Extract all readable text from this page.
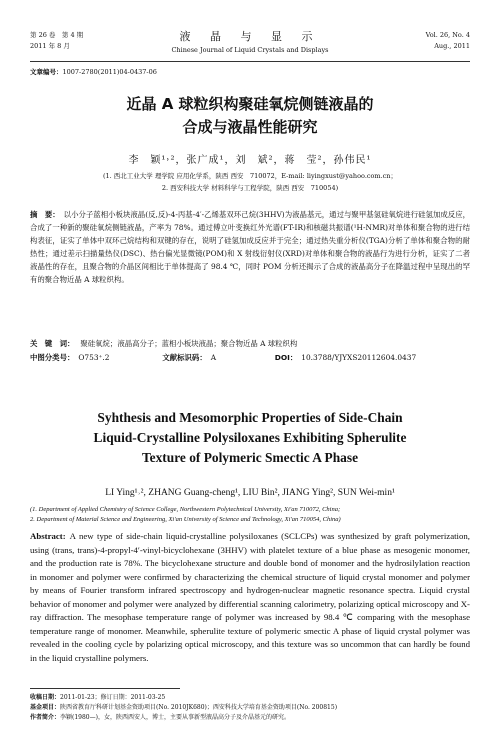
第 26 卷　第 4 期
2011 年 8 月
液 晶 与 显 示
Chinese Journal of Liquid Crystals and Displays
Vol. 26, No. 4
Aug., 2011
文章编号：1007-2780(2011)04-0437-06
近晶 A 球粒织构聚硅氧烷侧链液晶的
合成与液晶性能研究
李　颖¹˒²，张广成¹，刘　斌²，蒋　莹²，孙伟民¹
(1. 西北工业大学 理学院 应用化学系，陕西 西安　710072，E-mail: liyingxust@yahoo.com.cn；
2. 西安科技大学 材料科学与工程学院，陕西 西安　710054)
摘　要： 以小分子蓝相小板块液晶(反,反)-4-丙基-4′-乙烯基双环己烷(3HHV)为液晶基元，通过与聚甲基氢硅氧烷进行硅氢加成反应，合成了一种新的聚硅氧烷侧链液晶，产率为 78%。通过傅立叶变换红外光谱(FT-IR)和核磁共振谱(¹H-NMR)对单体和聚合物的进行结构表征，证实了单体中双环己烷结构和双键的存在，说明了硅氢加成反应并于完全；通过热失重分析仪(TGA)分析了单体和聚合物的耐热性；通过差示扫描量热仪(DSC)、热台偏光显微镜(POM)和 X 射线衍射仪(XRD)对单体和聚合物的液晶行为进行分析，证实了二者液晶性的存在，且聚合物的介晶区间相比于单体提高了 98.4 ℃，同时 POM 分析还揭示了合成的液晶高分子在降温过程中呈现出的罕有的聚合物近晶 A 球粒织构。
关　键　词： 聚硅氧烷；液晶高分子；蓝相小板块液晶；聚合物近晶 A 球粒织构
中图分类号： O753⁺.2	文献标识码： A	DOI： 10.3788/YJYXS20112604.0437
Syhthesis and Mesomorphic Properties of Side-Chain
Liquid-Crystalline Polysiloxanes Exhibiting Spherulite
Texture of Polymeric Smectic A Phase
LI Ying¹˒², ZHANG Guang-cheng¹, LIU Bin², JIANG Ying², SUN Wei-min¹
(1. Department of Applied Chemistry of Science College, Northwestern Polytechnical University, Xi'an 710072, China;
2. Department of Material Science and Engineering, Xi'an University of Science and Technology, Xi'an 710054, China)
Abstract: A new type of side-chain liquid-crystalline polysiloxanes (SCLCPs) was synthesized by graft polymerization, using (trans, trans)-4-propyl-4′-vinyl-bicyclohexane (3HHV) with platelet texture of a blue phase as mesogenic monomer, and the production rate is 78%. The bicyclohexane structure and double bond of monomer and the hydrosilylation reaction in monomer and polymer were confirmed by characterizing the chemical structure of liquid crystal monomer and polymer by means of Fourier transform infrared spectroscopy and hydrogen-nuclear magnetic resonance spectra. Liquid crystal behavior of monomer and polymer were analyzed by differential scanning calorimetry, polarizing optical microscopy and X-ray diffraction. The mesophase temperature range of polymer was increased by 98.4 ℃ comparing with the mesophase temperature range of monomer. Meanwhile, spherulite texture of polymeric smectic A phase of liquid crystal polymer was revealed in the cooling cycle by polarizing optical microscopy, and this texture was so uncommon that can hardly be found in the liquid crystalline polymers.
收稿日期：2011-01-23；修订日期：2011-03-25
基金项目：陕西省教育厅科研计划基金资助项目(No. 2010JK680)；西安科技大学培育基金资助项目(No. 200815)
作者简介：李颖(1980—)，女，陕西西安人，博士，主要从事新型液晶高分子及介晶基元的研究。
